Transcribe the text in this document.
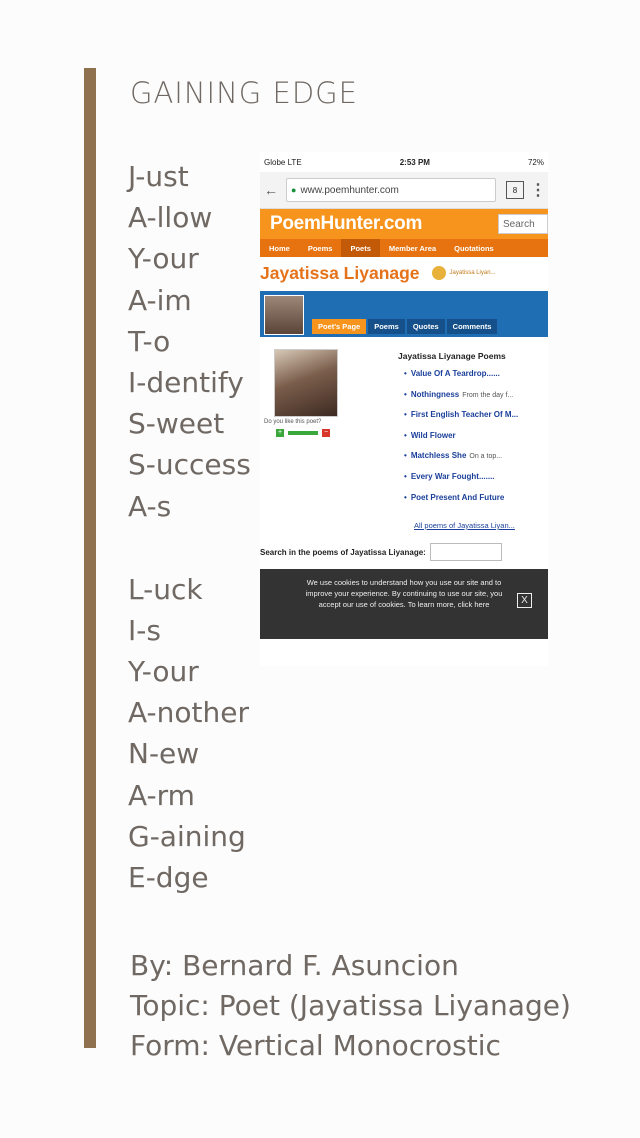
GAINING EDGE
J-ust
A-llow
Y-our
A-im
T-o
I-dentify
S-weet
S-uccess
A-s
L-uck
I-s
Y-our
A-nother
N-ew
A-rm
G-aining
E-dge
By: Bernard F. Asuncion
Topic: Poet (Jayatissa Liyanage)
Form: Vertical Monocrostic
Globe LTE	2:53 PM	72%
←	● www.poemhunter.com	8 ⋮
PoemHunter.com	Search
Home	Poems	Poets	Member Area	Quotations
Jayatissa Liyanage	Jayatissa Liyan...
Poet's Page	Poems	Quotes	Comments
Do you like this poet?
+	−
Jayatissa Liyanage Poems
• Value Of A Teardrop......
• Nothingness From the day f...
• First English Teacher Of M...
• Wild Flower
• Matchless She On a top...
• Every War Fought.......
• Poet Present And Future
All poems of Jayatissa Liyan...
Search in the poems of Jayatissa Liyanage:
We use cookies to understand how you use our site and to improve your experience. By continuing to use our site, you accept our use of cookies. To learn more, click here	X
